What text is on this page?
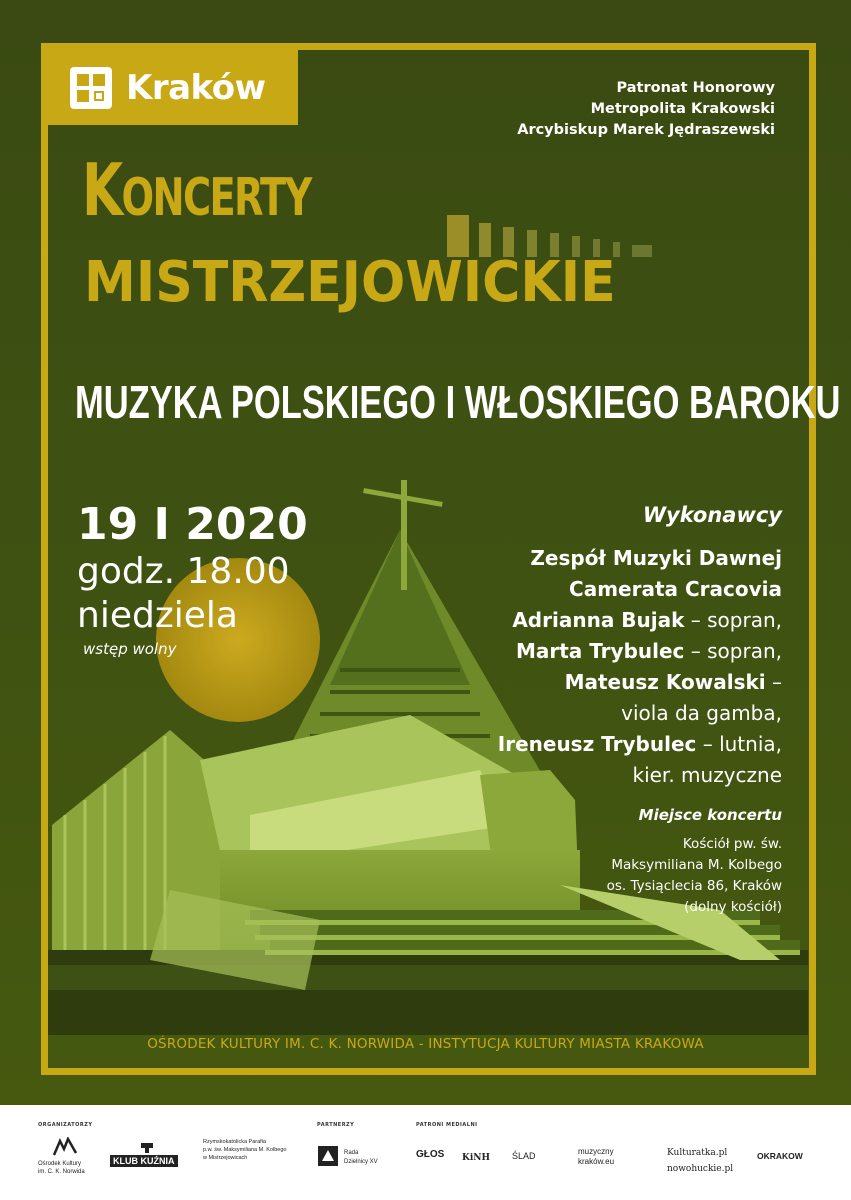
Kraków	Patronat Honorowy
Metropolita Krakowski
Arcybiskup Marek Jędraszewski
KONCERTY
MISTRZEJOWICKIE
MUZYKA POLSKIEGO I WŁOSKIEGO BAROKU
19 I 2020
godz. 18.00
niedziela
wstęp wolny
Wykonawcy
Zespół Muzyki Dawnej
Camerata Cracovia
Adrianna Bujak – sopran,
Marta Trybulec – sopran,
Mateusz Kowalski –
viola da gamba,
Ireneusz Trybulec – lutnia,
kier. muzyczne
Miejsce koncertu
Kościół pw. św.
Maksymiliana M. Kolbego
os. Tysiąclecia 86, Kraków
(dolny kościół)
OŚRODEK KULTURY IM. C. K. NORWIDA - INSTYTUCJA KULTURY MIASTA KRAKOWA
ORGANIZATORZY	PARTNERZY	PATRONI MEDIALNI
Ośrodek Kultury
im. C. K. Norwida
KLUB KUŹNIA
Rzymskokatolicka Parafia
p.w. św. Maksymiliana M. Kolbego
w Mistrzejowicach
Rada
Dzielnicy XV
GŁOS KiNH ŚLAD	muzyczny
kraków.eu
Kulturatka.pl
nowohuckie.pl
OKRAKOW
